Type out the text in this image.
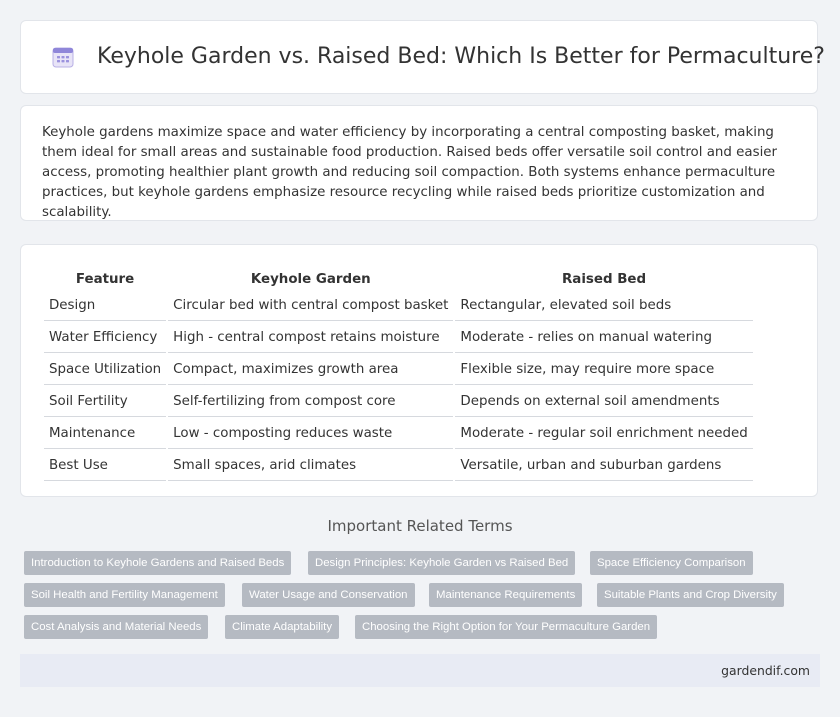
Keyhole Garden vs. Raised Bed: Which Is Better for Permaculture?

Keyhole gardens maximize space and water efficiency by incorporating a central composting basket, making them ideal for small areas and sustainable food production. Raised beds offer versatile soil control and easier access, promoting healthier plant growth and reducing soil compaction. Both systems enhance permaculture practices, but keyhole gardens emphasize resource recycling while raised beds prioritize customization and scalability.

Feature	Keyhole Garden	Raised Bed
Design	Circular bed with central compost basket	Rectangular, elevated soil beds
Water Efficiency	High - central compost retains moisture	Moderate - relies on manual watering
Space Utilization	Compact, maximizes growth area	Flexible size, may require more space
Soil Fertility	Self-fertilizing from compost core	Depends on external soil amendments
Maintenance	Low - composting reduces waste	Moderate - regular soil enrichment needed
Best Use	Small spaces, arid climates	Versatile, urban and suburban gardens
Important Related Terms
Introduction to Keyhole Gardens and Raised Beds	Design Principles: Keyhole Garden vs Raised Bed	Space Efficiency Comparison
Soil Health and Fertility Management	Water Usage and Conservation	Maintenance Requirements	Suitable Plants and Crop Diversity
Cost Analysis and Material Needs	Climate Adaptability	Choosing the Right Option for Your Permaculture Garden
gardendif.com
